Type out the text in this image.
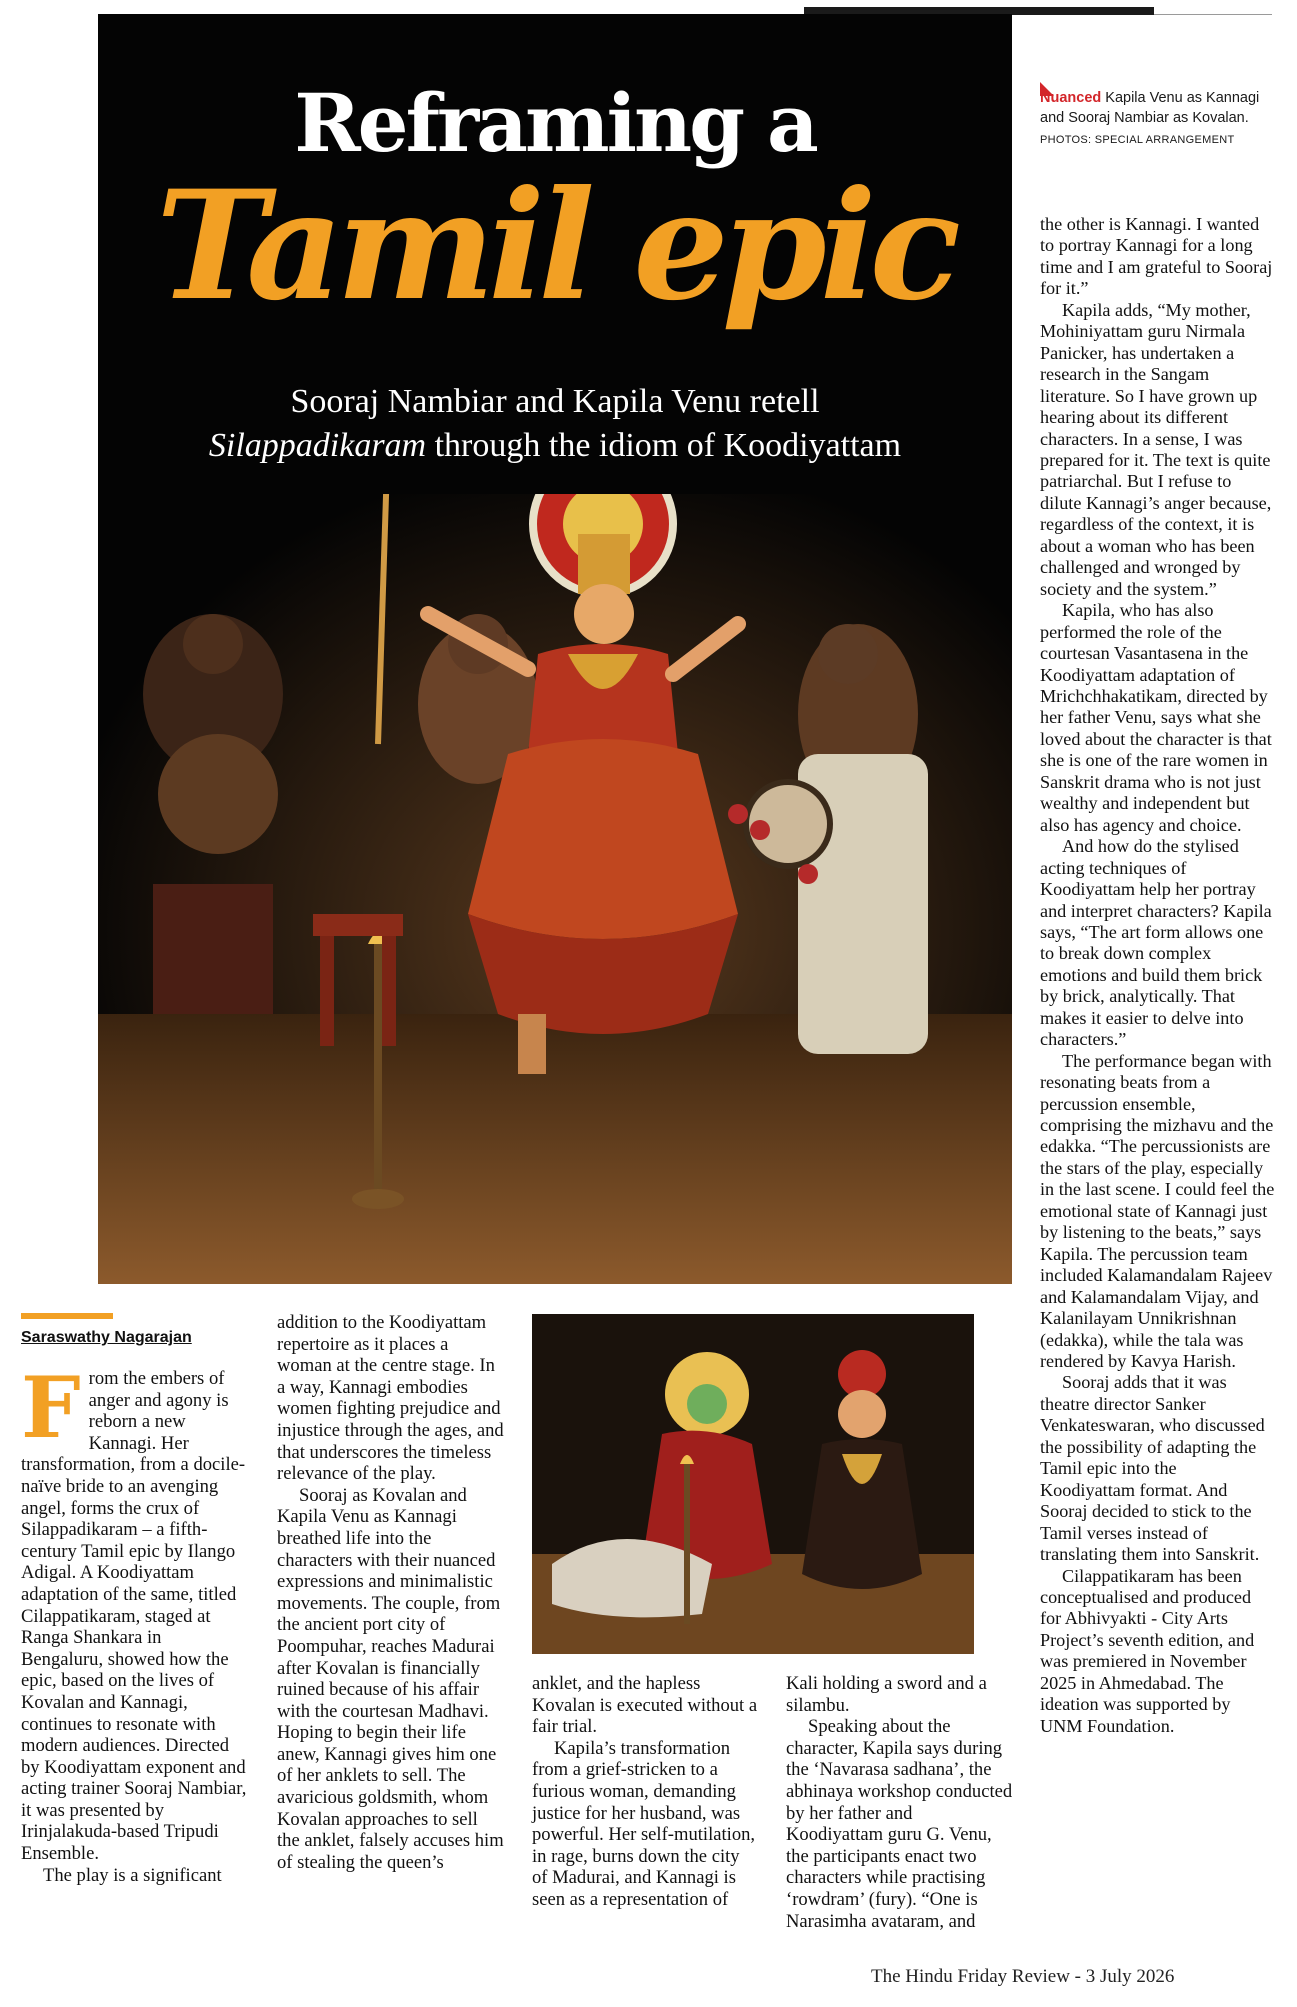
Reframing a
Tamil epic
Sooraj Nambiar and Kapila Venu retell
Silappadikaram through the idiom of Koodiyattam
Nuanced Kapila Venu as Kannagi and Sooraj Nambiar as Kovalan. PHOTOS: SPECIAL ARRANGEMENT
Saraswathy Nagarajan

From the embers of anger and agony is reborn a new Kannagi. Her transformation, from a docile-naïve bride to an avenging angel, forms the crux of Silappadikaram – a fifth-century Tamil epic by Ilango Adigal. A Koodiyattam adaptation of the same, titled Cilappatikaram, staged at Ranga Shankara in Bengaluru, showed how the epic, based on the lives of Kovalan and Kannagi, continues to resonate with modern audiences. Directed by Koodiyattam exponent and acting trainer Sooraj Nambiar, it was presented by Irinjalakuda-based Tripudi Ensemble.

The play is a significant

addition to the Koodiyattam repertoire as it places a woman at the centre stage. In a way, Kannagi embodies women fighting prejudice and injustice through the ages, and that underscores the timeless relevance of the play.

Sooraj as Kovalan and Kapila Venu as Kannagi breathed life into the characters with their nuanced expressions and minimalistic movements. The couple, from the ancient port city of Poompuhar, reaches Madurai after Kovalan is financially ruined because of his affair with the courtesan Madhavi. Hoping to begin their life anew, Kannagi gives him one of her anklets to sell. The avaricious goldsmith, whom Kovalan approaches to sell the anklet, falsely accuses him of stealing the queen’s

anklet, and the hapless Kovalan is executed without a fair trial.

Kapila’s transformation from a grief-stricken to a furious woman, demanding justice for her husband, was powerful. Her self-mutilation, in rage, burns down the city of Madurai, and Kannagi is seen as a representation of

Kali holding a sword and a silambu.

Speaking about the character, Kapila says during the ‘Navarasa sadhana’, the abhinaya workshop conducted by her father and Koodiyattam guru G. Venu, the participants enact two characters while practising ‘rowdram’ (fury). “One is Narasimha avataram, and

the other is Kannagi. I wanted to portray Kannagi for a long time and I am grateful to Sooraj for it.”

Kapila adds, “My mother, Mohiniyattam guru Nirmala Panicker, has undertaken a research in the Sangam literature. So I have grown up hearing about its different characters. In a sense, I was prepared for it. The text is quite patriarchal. But I refuse to dilute Kannagi’s anger because, regardless of the context, it is about a woman who has been challenged and wronged by society and the system.”

Kapila, who has also performed the role of the courtesan Vasantasena in the Koodiyattam adaptation of Mrichchhakatikam, directed by her father Venu, says what she loved about the character is that she is one of the rare women in Sanskrit drama who is not just wealthy and independent but also has agency and choice.

And how do the stylised acting techniques of Koodiyattam help her portray and interpret characters? Kapila says, “The art form allows one to break down complex emotions and build them brick by brick, analytically. That makes it easier to delve into characters.”

The performance began with resonating beats from a percussion ensemble, comprising the mizhavu and the edakka. “The percussionists are the stars of the play, especially in the last scene. I could feel the emotional state of Kannagi just by listening to the beats,” says Kapila. The percussion team included Kalamandalam Rajeev and Kalamandalam Vijay, and Kalanilayam Unnikrishnan (edakka), while the tala was rendered by Kavya Harish.

Sooraj adds that it was theatre director Sanker Venkateswaran, who discussed the possibility of adapting the Tamil epic into the Koodiyattam format. And Sooraj decided to stick to the Tamil verses instead of translating them into Sanskrit.

Cilappatikaram has been conceptualised and produced for Abhivyakti - City Arts Project’s seventh edition, and was premiered in November 2025 in Ahmedabad. The ideation was supported by UNM Foundation.

The Hindu Friday Review - 3 July 2026
